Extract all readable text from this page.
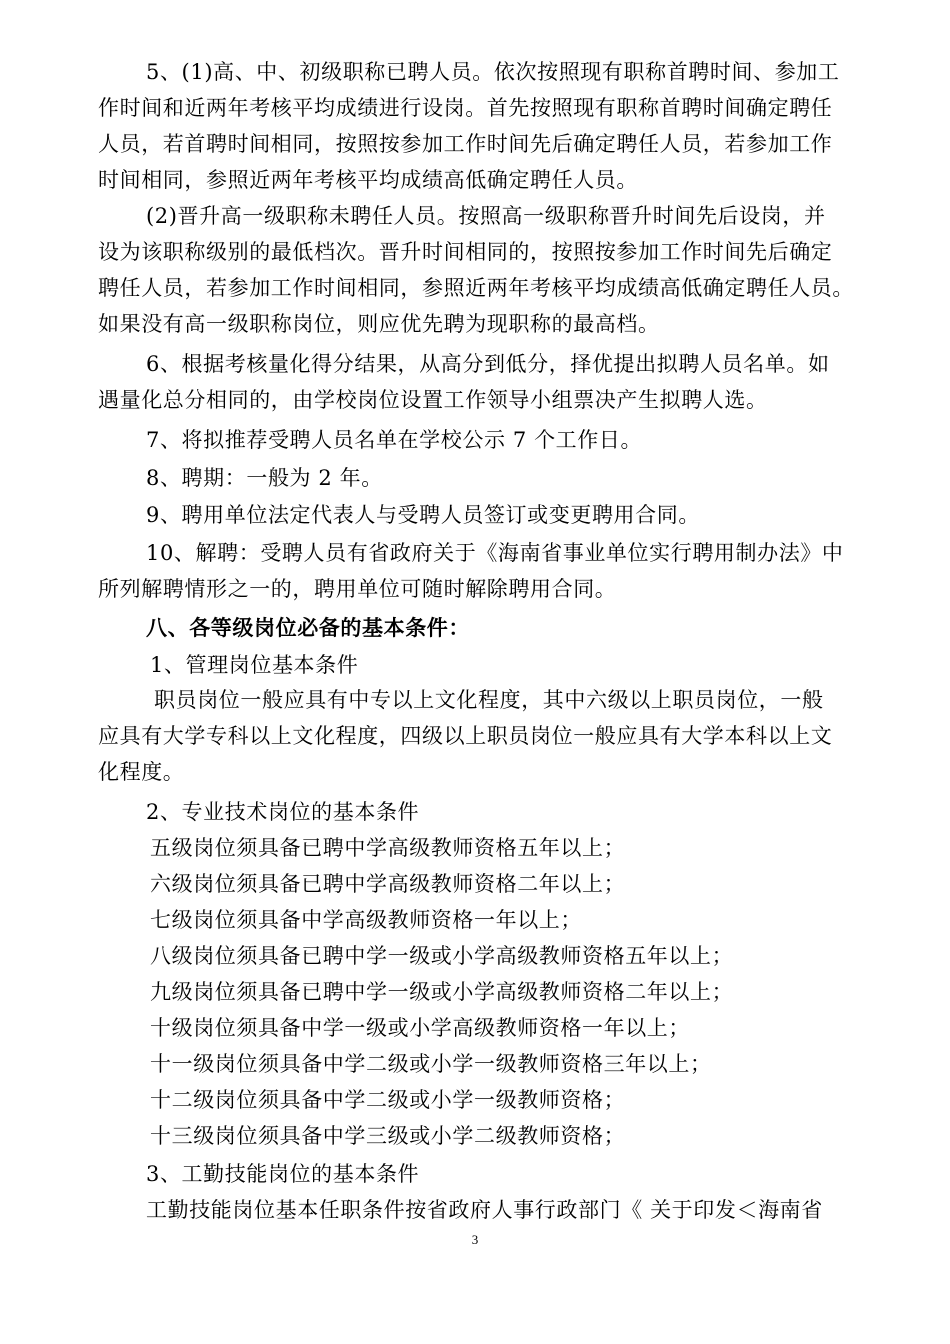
5、(1)高、中、初级职称已聘人员。依次按照现有职称首聘时间、参加工
作时间和近两年考核平均成绩进行设岗。首先按照现有职称首聘时间确定聘任
人员，若首聘时间相同，按照按参加工作时间先后确定聘任人员，若参加工作
时间相同，参照近两年考核平均成绩高低确定聘任人员。
(2)晋升高一级职称未聘任人员。按照高一级职称晋升时间先后设岗，并
设为该职称级别的最低档次。晋升时间相同的，按照按参加工作时间先后确定
聘任人员，若参加工作时间相同，参照近两年考核平均成绩高低确定聘任人员。
如果没有高一级职称岗位，则应优先聘为现职称的最高档。
6、根据考核量化得分结果，从高分到低分，择优提出拟聘人员名单。如
遇量化总分相同的，由学校岗位设置工作领导小组票决产生拟聘人选。
7、将拟推荐受聘人员名单在学校公示 7 个工作日。
8、聘期：一般为 2 年。
9、聘用单位法定代表人与受聘人员签订或变更聘用合同。
10、解聘：受聘人员有省政府关于《海南省事业单位实行聘用制办法》中
所列解聘情形之一的，聘用单位可随时解除聘用合同。
八、各等级岗位必备的基本条件：
1、管理岗位基本条件
职员岗位一般应具有中专以上文化程度，其中六级以上职员岗位，一般
应具有大学专科以上文化程度，四级以上职员岗位一般应具有大学本科以上文
化程度。
2、专业技术岗位的基本条件
五级岗位须具备已聘中学高级教师资格五年以上；
六级岗位须具备已聘中学高级教师资格二年以上；
七级岗位须具备中学高级教师资格一年以上；
八级岗位须具备已聘中学一级或小学高级教师资格五年以上；
九级岗位须具备已聘中学一级或小学高级教师资格二年以上；
十级岗位须具备中学一级或小学高级教师资格一年以上；
十一级岗位须具备中学二级或小学一级教师资格三年以上；
十二级岗位须具备中学二级或小学一级教师资格；
十三级岗位须具备中学三级或小学二级教师资格；
3、工勤技能岗位的基本条件
工勤技能岗位基本任职条件按省政府人事行政部门《 关于印发＜海南省
3
